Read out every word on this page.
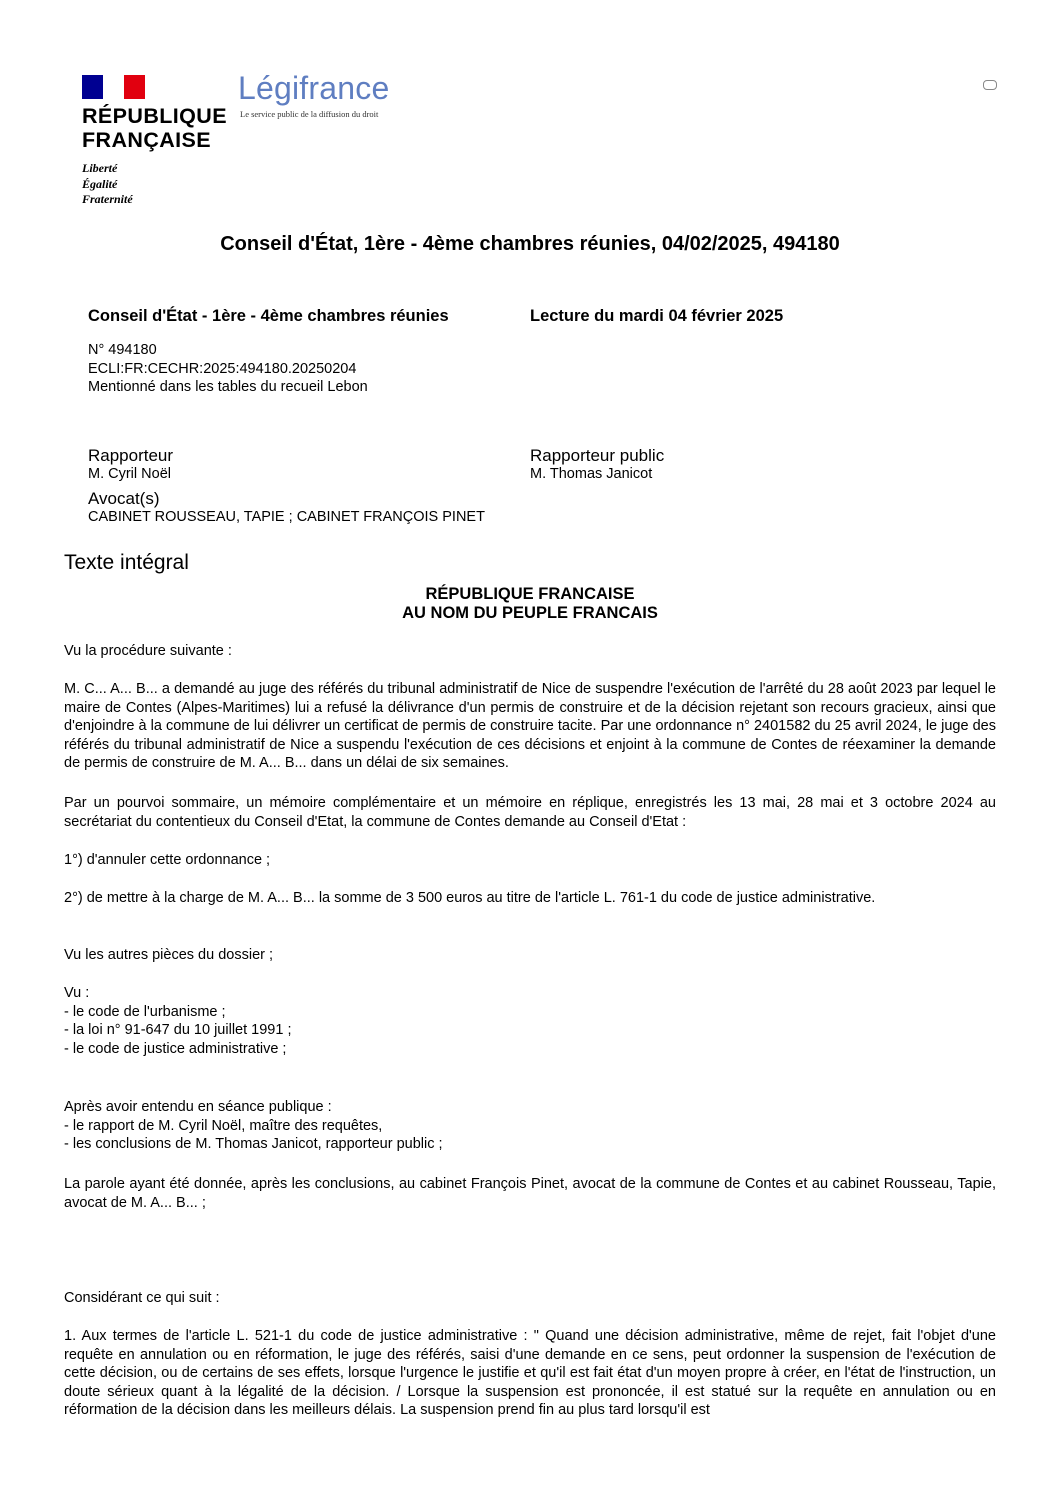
RÉPUBLIQUE
FRANÇAISE
Liberté
Égalité
Fraternité
Légifrance
Le service public de la diffusion du droit
Conseil d'État, 1ère - 4ème chambres réunies, 04/02/2025, 494180
Conseil d'État - 1ère - 4ème chambres réunies	Lecture du mardi 04 février 2025
N° 494180
ECLI:FR:CECHR:2025:494180.20250204
Mentionné dans les tables du recueil Lebon
Rapporteur
M. Cyril Noël
Rapporteur public
M. Thomas Janicot
Avocat(s)
CABINET ROUSSEAU, TAPIE ; CABINET FRANÇOIS PINET
Texte intégral
RÉPUBLIQUE FRANCAISE
AU NOM DU PEUPLE FRANCAIS
Vu la procédure suivante :
M. C... A... B... a demandé au juge des référés du tribunal administratif de Nice de suspendre l'exécution de l'arrêté du 28 août 2023 par lequel le maire de Contes (Alpes-Maritimes) lui a refusé la délivrance d'un permis de construire et de la décision rejetant son recours gracieux, ainsi que d'enjoindre à la commune de lui délivrer un certificat de permis de construire tacite. Par une ordonnance n° 2401582 du 25 avril 2024, le juge des référés du tribunal administratif de Nice a suspendu l'exécution de ces décisions et enjoint à la commune de Contes de réexaminer la demande de permis de construire de M. A... B... dans un délai de six semaines.
Par un pourvoi sommaire, un mémoire complémentaire et un mémoire en réplique, enregistrés les 13 mai, 28 mai et 3 octobre 2024 au secrétariat du contentieux du Conseil d'Etat, la commune de Contes demande au Conseil d'Etat :
1°) d'annuler cette ordonnance ;
2°) de mettre à la charge de M. A... B... la somme de 3 500 euros au titre de l'article L. 761-1 du code de justice administrative.
Vu les autres pièces du dossier ;
Vu :
- le code de l'urbanisme ;
- la loi n° 91-647 du 10 juillet 1991 ;
- le code de justice administrative ;
Après avoir entendu en séance publique :
- le rapport de M. Cyril Noël, maître des requêtes,
- les conclusions de M. Thomas Janicot, rapporteur public ;
La parole ayant été donnée, après les conclusions, au cabinet François Pinet, avocat de la commune de Contes et au cabinet Rousseau, Tapie, avocat de M. A... B... ;
Considérant ce qui suit :
1. Aux termes de l'article L. 521-1 du code de justice administrative : " Quand une décision administrative, même de rejet, fait l'objet d'une requête en annulation ou en réformation, le juge des référés, saisi d'une demande en ce sens, peut ordonner la suspension de l'exécution de cette décision, ou de certains de ses effets, lorsque l'urgence le justifie et qu'il est fait état d'un moyen propre à créer, en l'état de l'instruction, un doute sérieux quant à la légalité de la décision. / Lorsque la suspension est prononcée, il est statué sur la requête en annulation ou en réformation de la décision dans les meilleurs délais. La suspension prend fin au plus tard lorsqu'il est
